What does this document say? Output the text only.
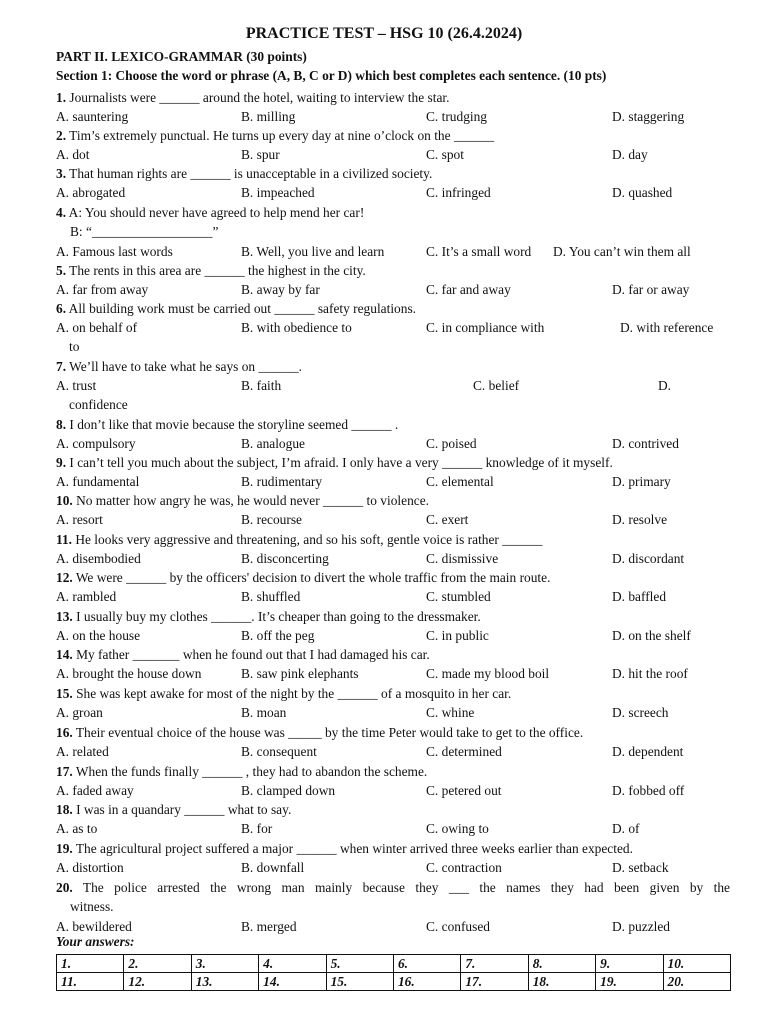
PRACTICE TEST – HSG 10 (26.4.2024)
PART II. LEXICO-GRAMMAR (30 points)
Section 1: Choose the word or phrase (A, B, C or D) which best completes each sentence. (10 pts)
1. Journalists were ______ around the hotel, waiting to interview the star.
A. sauntering	B. milling	C. trudging	D. staggering
2. Tim’s extremely punctual. He turns up every day at nine o’clock on the ______
A. dot	B. spur	C. spot	D. day
3. That human rights are ______ is unacceptable in a civilized society.
A. abrogated	B. impeached	C. infringed	D. quashed
4. A: You should never have agreed to help mend her car!
B: “__________________”
A. Famous last words	B. Well, you live and learn	C. It’s a small word D. You can’t win them all
5. The rents in this area are ______ the highest in the city.
A. far from away	B. away by far	C. far and away	D. far or away
6. All building work must be carried out ______ safety regulations.
A. on behalf of	B. with obedience to	C. in compliance with	D. with reference
to
7. We’ll have to take what he says on ______.
A. trust	B. faith	C. belief	D.
confidence
8. I don’t like that movie because the storyline seemed ______ .
A. compulsory	B. analogue	C. poised	D. contrived
9. I can’t tell you much about the subject, I’m afraid. I only have a very ______ knowledge of it myself.
A. fundamental	B. rudimentary	C. elemental	D. primary
10. No matter how angry he was, he would never ______ to violence.
A. resort	B. recourse	C. exert	D. resolve
11. He looks very aggressive and threatening, and so his soft, gentle voice is rather ______
A. disembodied	B. disconcerting	C. dismissive	D. discordant
12. We were ______ by the officers' decision to divert the whole traffic from the main route.
A. rambled	B. shuffled	C. stumbled	D. baffled
13. I usually buy my clothes ______. It’s cheaper than going to the dressmaker.
A. on the house	B. off the peg	C. in public	D. on the shelf
14. My father _______ when he found out that I had damaged his car.
A. brought the house down	B. saw pink elephants	C. made my blood boil	D. hit the roof
15. She was kept awake for most of the night by the ______ of a mosquito in her car.
A. groan	B. moan	C. whine	D. screech
16. Their eventual choice of the house was _____ by the time Peter would take to get to the office.
A. related	B. consequent	C. determined	D. dependent
17. When the funds finally ______ , they had to abandon the scheme.
A. faded away	B. clamped down	C. petered out	D. fobbed off
18. I was in a quandary ______ what to say.
A. as to	B. for	C. owing to	D. of
19. The agricultural project suffered a major ______ when winter arrived three weeks earlier than expected.
A. distortion	B. downfall	C. contraction	D. setback
20. The police arrested the wrong man mainly because they ___ the names they had been given by the
witness.
A. bewildered	B. merged	C. confused	D. puzzled
Your answers:
1.	2.	3.	4.	5.	6.	7.	8.	9.	10.
11.	12.	13.	14.	15.	16.	17.	18.	19.	20.
